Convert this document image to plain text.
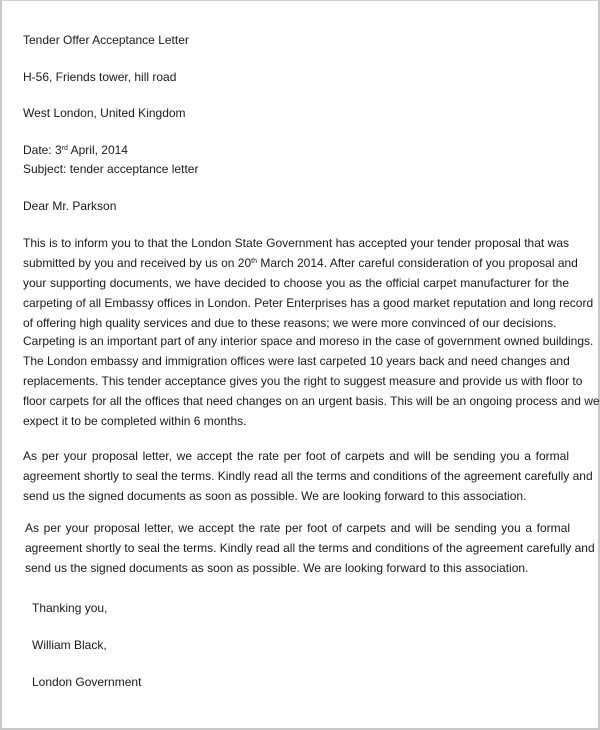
Tender Offer Acceptance Letter
H-56, Friends tower, hill road
West London, United Kingdom
Date: 3rd April, 2014
Subject: tender acceptance letter
Dear Mr. Parkson
This is to inform you to that the London State Government has accepted your tender proposal that was
submitted by you and received by us on 20th March 2014. After careful consideration of you proposal and
your supporting documents, we have decided to choose you as the official carpet manufacturer for the
carpeting of all Embassy offices in London. Peter Enterprises has a good market reputation and long record
of offering high quality services and due to these reasons; we were more convinced of our decisions.
Carpeting is an important part of any interior space and moreso in the case of government owned buildings.
The London embassy and immigration offices were last carpeted 10 years back and need changes and
replacements. This tender acceptance gives you the right to suggest measure and provide us with floor to
floor carpets for all the offices that need changes on an urgent basis. This will be an ongoing process and we
expect it to be completed within 6 months.
As per your proposal letter, we accept the rate per foot of carpets and will be sending you a formal
agreement shortly to seal the terms. Kindly read all the terms and conditions of the agreement carefully and
send us the signed documents as soon as possible. We are looking forward to this association.
As per your proposal letter, we accept the rate per foot of carpets and will be sending you a formal
agreement shortly to seal the terms. Kindly read all the terms and conditions of the agreement carefully and
send us the signed documents as soon as possible. We are looking forward to this association.
Thanking you,
William Black,
London Government
